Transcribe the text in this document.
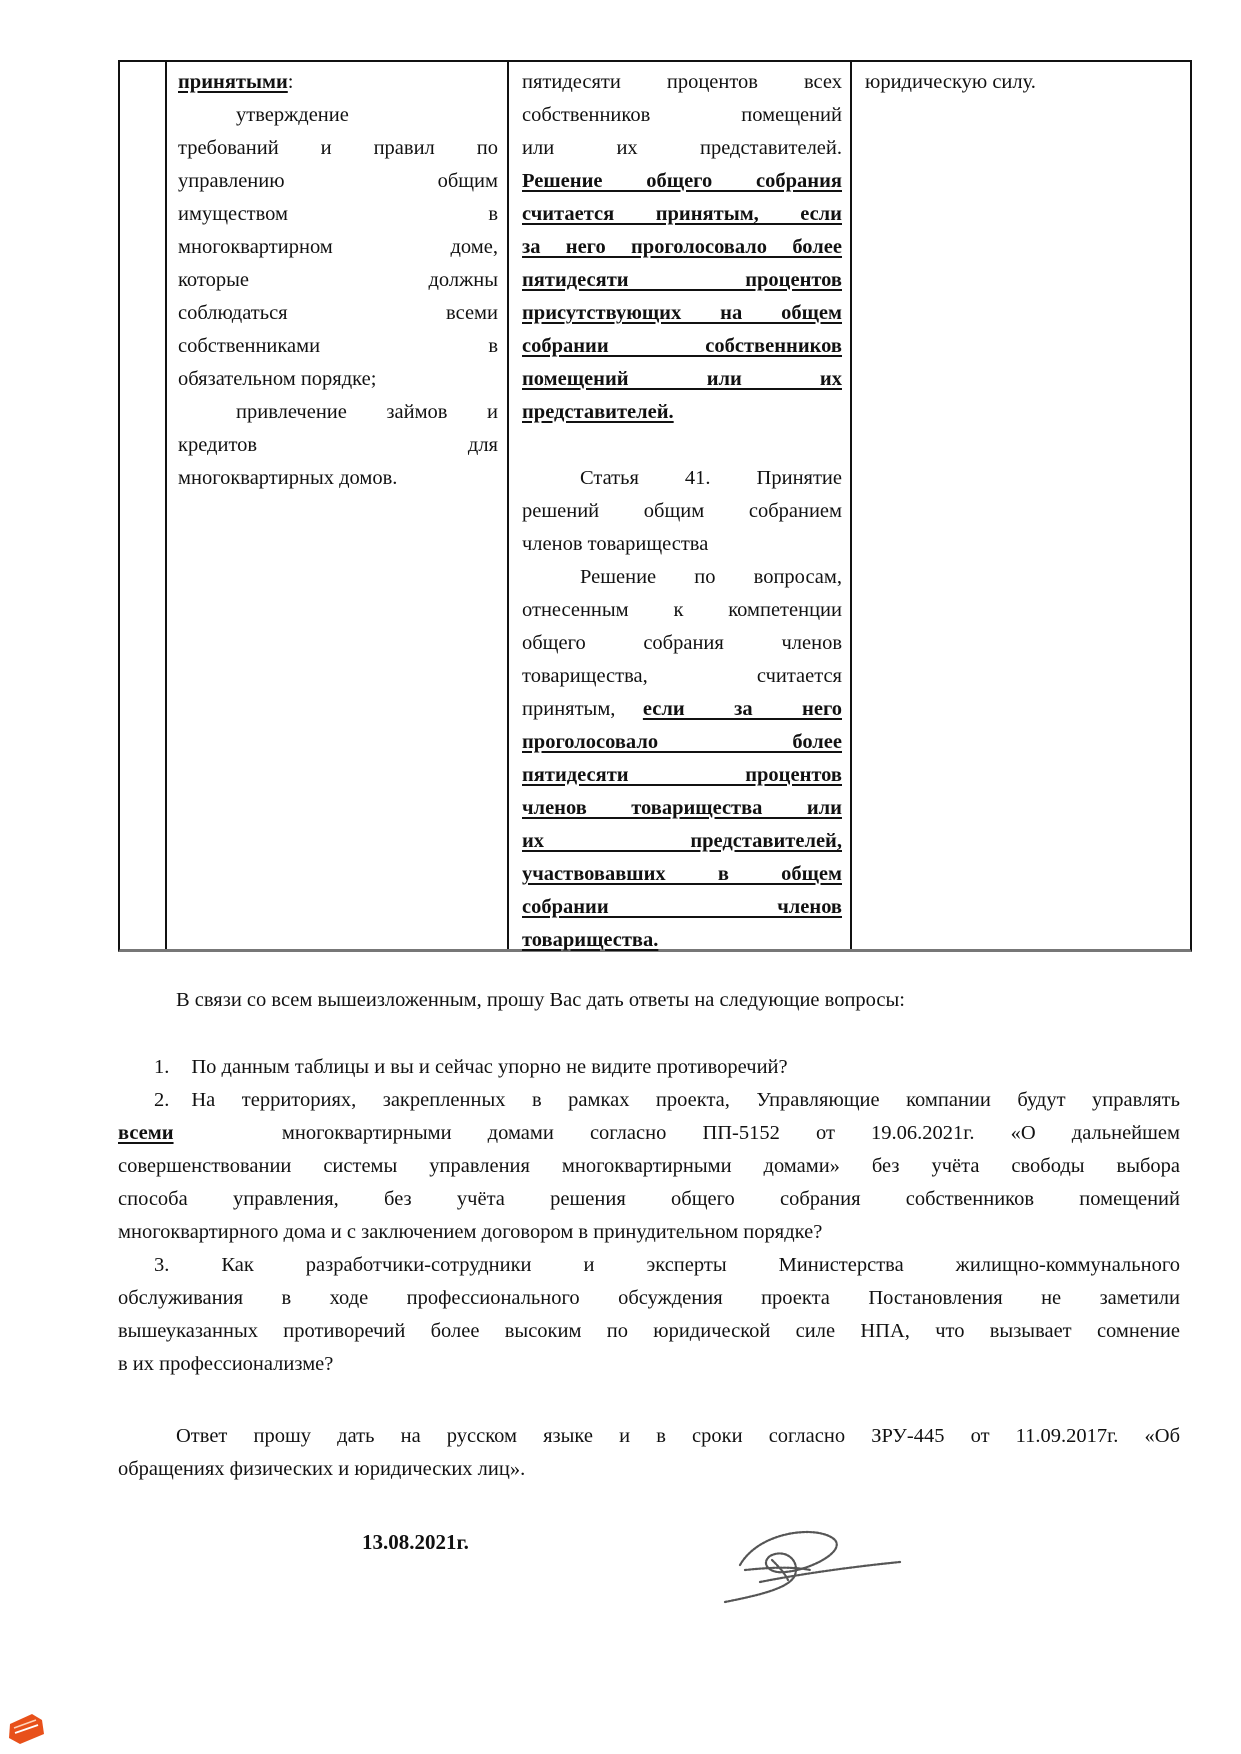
принятыми:
утверждение
требований и правил по
управлению общим
имуществом в
многоквартирном доме,
которые должны
соблюдаться всеми
собственниками в
обязательном порядке;
привлечение займов и
кредитов для
многоквартирных домов.
пятидесяти процентов всех
собственников помещений
или их представителей.
Решение общего собрания
считается принятым, если
за него проголосовало более
пятидесяти процентов
присутствующих на общем
собрании собственников
помещений или их
представителей.
Статья 41. Принятие
решений общим собранием
членов товарищества
Решение по вопросам,
отнесенным к компетенции
общего собрания членов
товарищества, считается
принятым, если за него
проголосовало более
пятидесяти процентов
членов товарищества или
их представителей,
участвовавших в общем
собрании членов
товарищества.
юридическую силу.
В связи со всем вышеизложенным, прошу Вас дать ответы на следующие вопросы:
1. По данным таблицы и вы и сейчас упорно не видите противоречий?
2. На территориях, закрепленных в рамках проекта, Управляющие компании будут управлять
всеми	многоквартирными домами согласно ПП-5152 от 19.06.2021г. «О дальнейшем
совершенствовании системы управления многоквартирными домами» без учёта свободы выбора
способа управления, без учёта решения общего собрания собственников помещений
многоквартирного дома и с заключением договором в принудительном порядке?
3.	Как разработчики-сотрудники и эксперты Министерства жилищно-коммунального
обслуживания в ходе профессионального обсуждения проекта Постановления не заметили
вышеуказанных противоречий более высоким по юридической силе НПА, что вызывает сомнение
в их профессионализме?
Ответ прошу дать на русском языке и в сроки согласно ЗРУ-445 от 11.09.2017г. «Об
обращениях физических и юридических лиц».
13.08.2021г.
